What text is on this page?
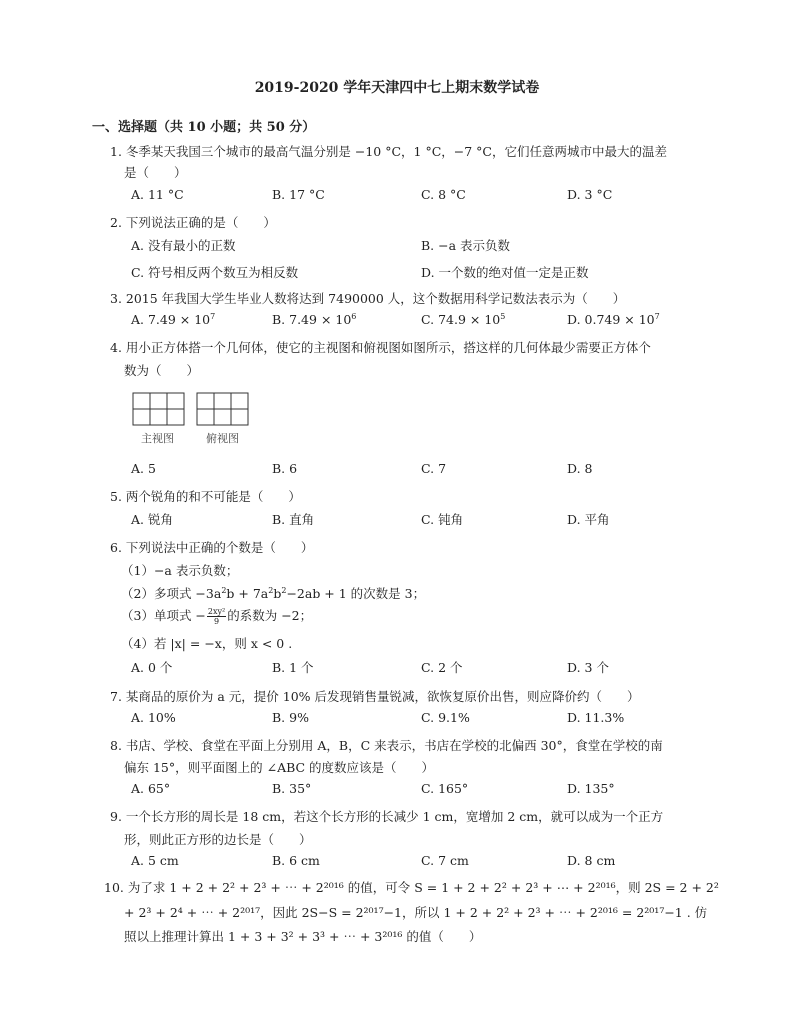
2019-2020 学年天津四中七上期末数学试卷
一、选择题（共 10 小题；共 50 分）
1. 冬季某天我国三个城市的最高气温分别是 −10 °C，1 °C，−7 °C，它们任意两城市中最大的温差
是（　　）
A. 11 °C	B. 17 °C	C. 8 °C	D. 3 °C
2. 下列说法正确的是（　　）
A. 没有最小的正数	B. −a 表示负数
C. 符号相反两个数互为相反数	D. 一个数的绝对值一定是正数
3. 2015 年我国大学生毕业人数将达到 7490000 人，这个数据用科学记数法表示为（　　）
A. $7.49 \times 10^7$	B. $7.49 \times 10^6$	C. $74.9 \times 10^5$	D. $0.749 \times 10^7$
4. 用小正方体搭一个几何体，使它的主视图和俯视图如图所示，搭这样的几何体最少需要正方体个
数为（　　）
主视图	俯视图
A. 5	B. 6	C. 7	D. 8
5. 两个锐角的和不可能是（　　）
A. 锐角	B. 直角	C. 钝角	D. 平角
6. 下列说法中正确的个数是（　　）
（1）−a 表示负数；
（2）多项式 $-3a^2b + 7a^2b^2-2ab + 1$ 的次数是 3；
（3）单项式 − $\frac{\text{2xy²}}{9}$ 的系数为 −2；
（4）若 |x| = −x，则 x < 0 .
A. 0 个	B. 1 个	C. 2 个	D. 3 个
7. 某商品的原价为 a 元，提价 10% 后发现销售量锐减，欲恢复原价出售，则应降价约（　　）
A. 10%	B. 9%	C. 9.1%	D. 11.3%
8. 书店、学校、食堂在平面上分别用 A，B，C 来表示，书店在学校的北偏西 30°，食堂在学校的南
偏东 15°，则平面图上的 ∠ABC 的度数应该是（　　）
A. 65°	B. 35°	C. 165°	D. 135°
9. 一个长方形的周长是 18 cm，若这个长方形的长减少 1 cm，宽增加 2 cm，就可以成为一个正方
形，则此正方形的边长是（　　）
A. 5 cm	B. 6 cm	C. 7 cm	D. 8 cm
10. 为了求 1 + 2 + 2² + 2³ + ⋯ + 2²⁰¹⁶ 的值，可令 S = 1 + 2 + 2² + 2³ + ⋯ + 2²⁰¹⁶，则 2S = 2 + 2²
+ 2³ + 2⁴ + ⋯ + 2²⁰¹⁷，因此 2S−S = 2²⁰¹⁷−1，所以 1 + 2 + 2² + 2³ + ⋯ + 2²⁰¹⁶ = 2²⁰¹⁷−1 . 仿
照以上推理计算出 1 + 3 + 3² + 3³ + ⋯ + 3²⁰¹⁶ 的值（　　）
